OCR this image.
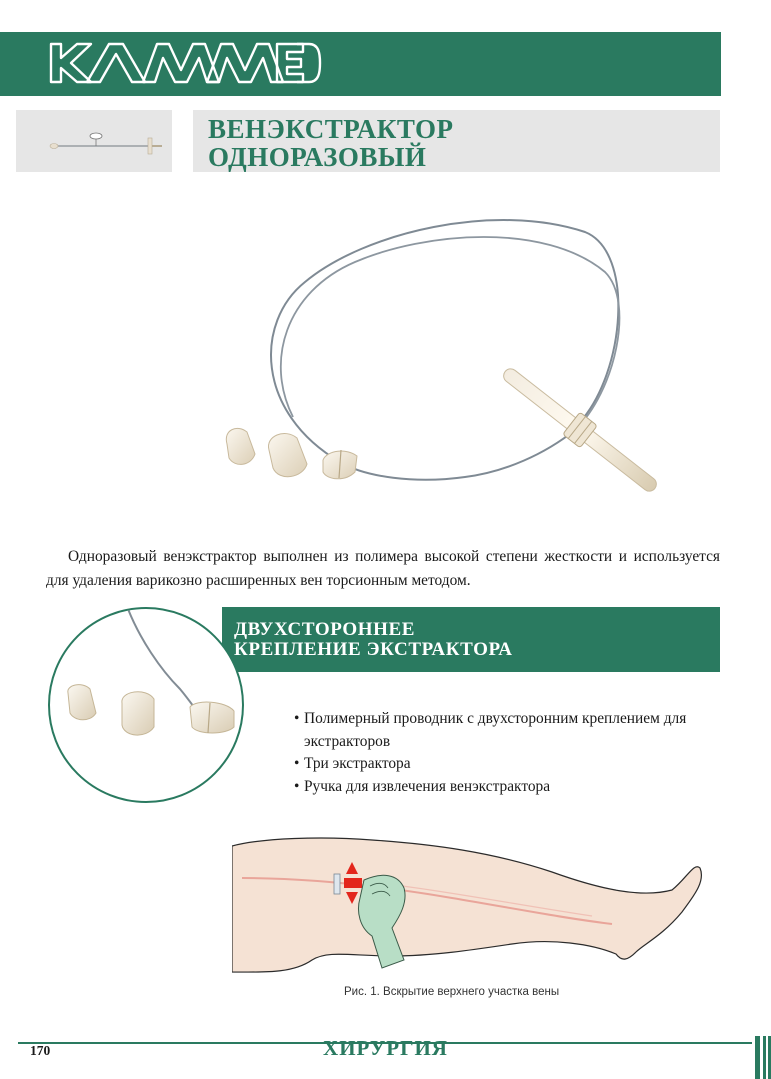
ВЕНЭКСТРАКТОР
ОДНОРАЗОВЫЙ

Одноразовый венэкстрактор выполнен из полимера высокой степени жесткости и используется для удаления варикозно расширенных вен торсионным методом.

ДВУХСТОРОННЕЕ
КРЕПЛЕНИЕ ЭКСТРАКТОРА
• Полимерный проводник с двухсторонним креплением для экстракторов
• Три экстрактора
• Ручка для извлечения венэкстрактора
Рис. 1. Вскрытие верхнего участка вены
170	ХИРУРГИЯ
